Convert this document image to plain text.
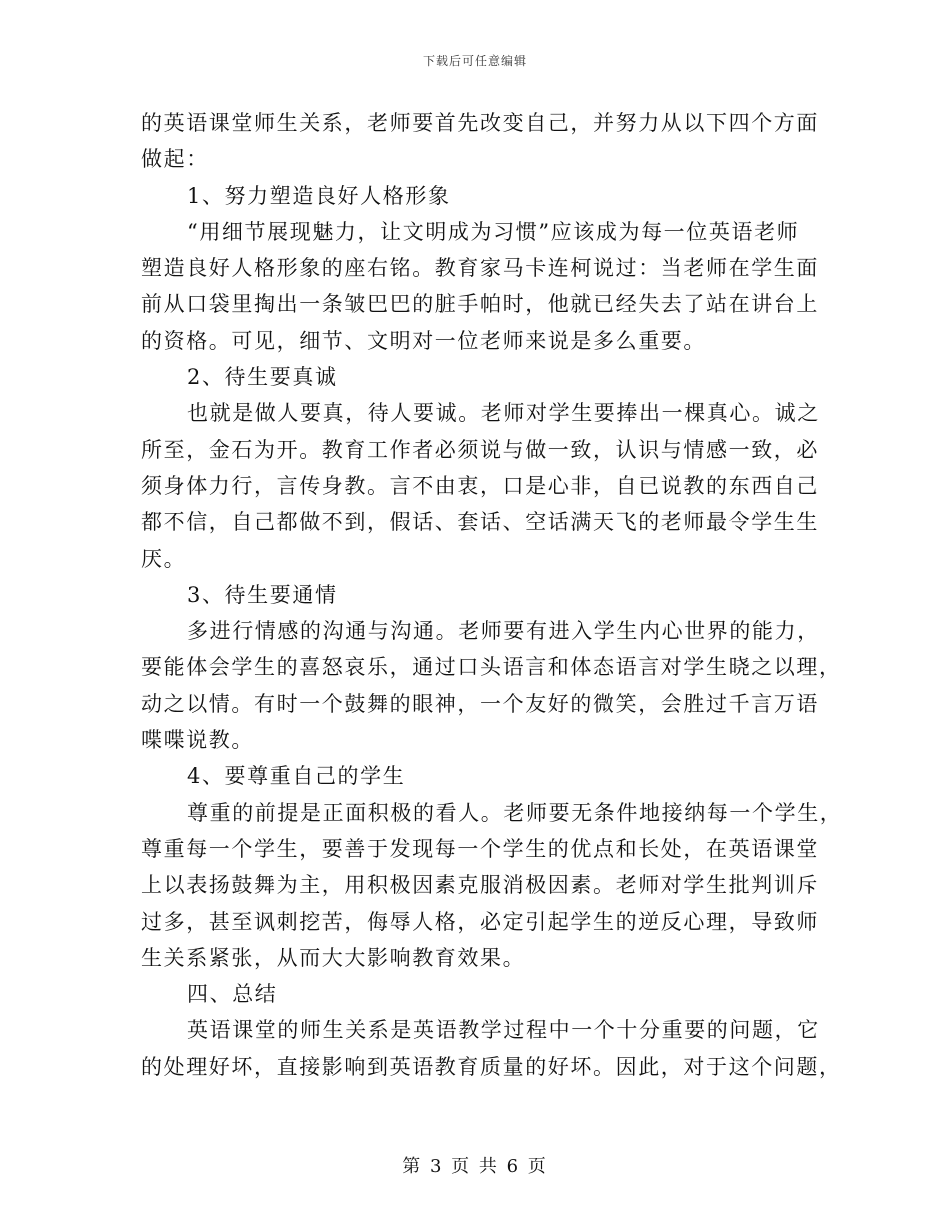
下载后可任意编辑
的英语课堂师生关系，老师要首先改变自己，并努力从以下四个方面
做起：
1、努力塑造良好人格形象
“用细节展现魅力，让文明成为习惯”应该成为每一位英语老师
塑造良好人格形象的座右铭。教育家马卡连柯说过：当老师在学生面
前从口袋里掏出一条皱巴巴的脏手帕时，他就已经失去了站在讲台上
的资格。可见，细节、文明对一位老师来说是多么重要。
2、待生要真诚
也就是做人要真，待人要诚。老师对学生要捧出一棵真心。诚之
所至，金石为开。教育工作者必须说与做一致，认识与情感一致，必
须身体力行，言传身教。言不由衷，口是心非，自已说教的东西自己
都不信，自己都做不到，假话、套话、空话满天飞的老师最令学生生
厌。
3、待生要通情
多进行情感的沟通与沟通。老师要有进入学生内心世界的能力，
要能体会学生的喜怒哀乐，通过口头语言和体态语言对学生晓之以理，
动之以情。有时一个鼓舞的眼神，一个友好的微笑，会胜过千言万语
喋喋说教。
4、要尊重自己的学生
尊重的前提是正面积极的看人。老师要无条件地接纳每一个学生，
尊重每一个学生，要善于发现每一个学生的优点和长处，在英语课堂
上以表扬鼓舞为主，用积极因素克服消极因素。老师对学生批判训斥
过多，甚至讽刺挖苦，侮辱人格，必定引起学生的逆反心理，导致师
生关系紧张，从而大大影响教育效果。
四、总结
英语课堂的师生关系是英语教学过程中一个十分重要的问题，它
的处理好坏，直接影响到英语教育质量的好坏。因此，对于这个问题，
第 3 页 共 6 页
